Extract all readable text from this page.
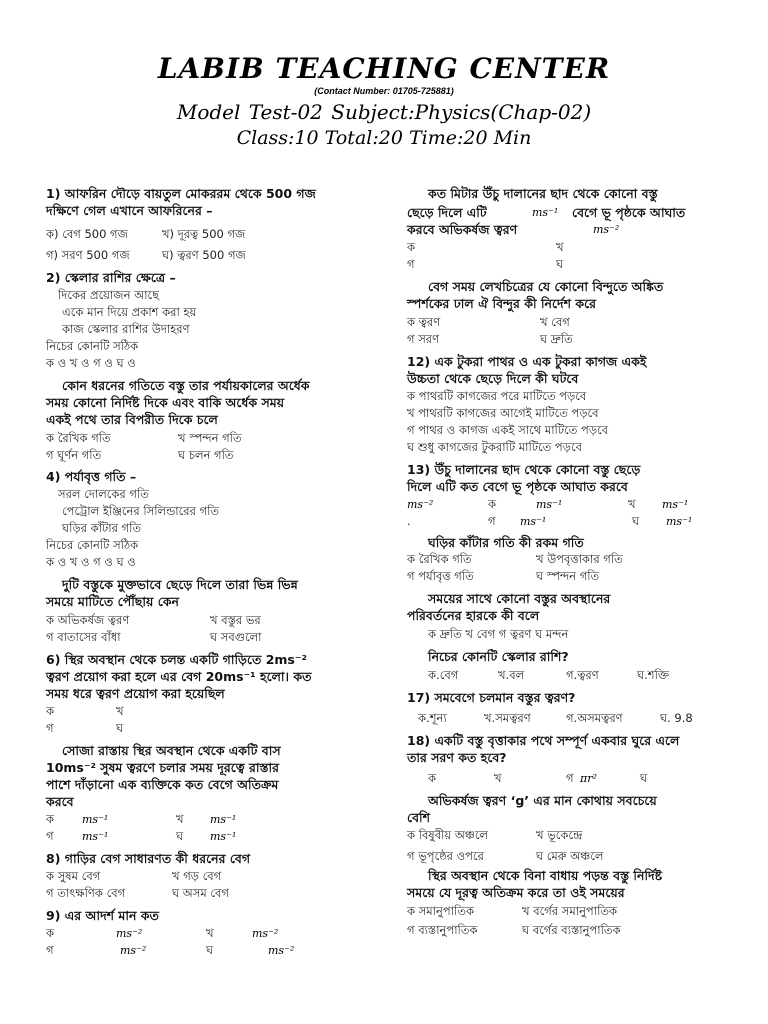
LABIB TEACHING CENTER
(Contact Number: 01705-725881)
Model Test-02 Subject:Physics(Chap-02)
Class:10 Total:20 Time:20 Min
1) আফরিন দৌড়ে বায়তুল মোকররম থেকে 500 গজ
দক্ষিণে গেল এখানে আফরিনের –
ক) বেগ 500 গজ	খ) দূরত্ব 500 গজ
গ) সরণ 500 গজ	ঘ) ত্বরণ 500 গজ
2) স্কেলার রাশির ক্ষেত্রে –
দিকের প্রয়োজন আছে
একে মান দিয়ে প্রকাশ করা হয়
কাজ স্কেলার রাশির উদাহরণ
নিচের কোনটি সঠিক
ক ও খ ও গ ও ঘ ও
কোন ধরনের গতিতে বস্তু তার পর্যায়কালের অর্ধেক
সময় কোনো নির্দিষ্ট দিকে এবং বাকি অর্ধেক সময়
একই পথে তার বিপরীত দিকে চলে
ক রৈখিক গতি	খ স্পন্দন গতি
গ ঘূর্ণন গতি	ঘ চলন গতি
4) পর্যাবৃত্ত গতি –
সরল দোলকের গতি
পেট্রোল ইঞ্জিনের সিলিন্ডারের গতি
ঘড়ির কাঁটার গতি
নিচের কোনটি সঠিক
ক ও খ ও গ ও ঘ ও
দুটি বস্তুকে মুক্তভাবে ছেড়ে দিলে তারা ভিন্ন ভিন্ন
সময়ে মাটিতে পৌঁছায় কেন
ক অভিকর্ষজ ত্বরণ	খ বস্তুর ভর
গ বাতাসের বাঁধা	ঘ সবগুলো
6) স্থির অবস্থান থেকে চলন্ত একটি গাড়িতে 2ms⁻²
ত্বরণ প্রয়োগ করা হলে এর বেগ 20ms⁻¹ হলো। কত
সময় ধরে ত্বরণ প্রয়োগ করা হয়েছিল
ক	খ
গ	ঘ
সোজা রাস্তায় স্থির অবস্থান থেকে একটি বাস
10ms⁻² সুষম ত্বরণে চলার সময় দূরত্বে রাস্তার
পাশে দাঁড়ানো এক ব্যক্তিকে কত বেগে অতিক্রম
করবে
ক	ms⁻¹	খ ms⁻¹
গ	ms⁻¹	ঘ ms⁻¹
8) গাড়ির বেগ সাধারণত কী ধরনের বেগ
ক সুষম বেগ	খ গড় বেগ
গ তাৎক্ষণিক বেগ	ঘ অসম বেগ
9) এর আদর্শ মান কত
ক	ms⁻²	খ	ms⁻²
গ	ms⁻²	ঘ	ms⁻²
কত মিটার উঁচু দালানের ছাদ থেকে কোনো বস্তু
ছেড়ে দিলে এটি	ms⁻¹ বেগে ভূ পৃষ্ঠকে আঘাত
করবে অভিকর্ষজ ত্বরণ	ms⁻²
ক	খ
গ	ঘ
বেগ সময় লেখচিত্রের যে কোনো বিন্দুতে অঙ্কিত
স্পর্শকের ঢাল ঐ বিন্দুর কী নির্দেশ করে
ক ত্বরণ	খ বেগ
গ সরণ	ঘ দ্রুতি
12) এক টুকরা পাথর ও এক টুকরা কাগজ একই
উচ্চতা থেকে ছেড়ে দিলে কী ঘটবে
ক পাথরটি কাগজের পরে মাটিতে পড়বে
খ পাথরটি কাগজের আগেই মাটিতে পড়বে
গ পাথর ও কাগজ একই সাথে মাটিতে পড়বে
ঘ শুধু কাগজের টুকরাটি মাটিতে পড়বে
13) উঁচু দালানের ছাদ থেকে কোনো বস্তু ছেড়ে
দিলে এটি কত বেগে ভূ পৃষ্ঠকে আঘাত করবে
ms⁻²	ক	ms⁻¹	খ ms⁻¹
.	গ ms⁻¹	ঘ ms⁻¹
ঘড়ির কাঁটার গতি কী রকম গতি
ক রৈখিক গতি	খ উপবৃত্তাকার গতি
গ পর্যাবৃত্ত গতি	ঘ স্পন্দন গতি
সময়ের সাথে কোনো বস্তুর অবস্থানের
পরিবর্তনের হারকে কী বলে
ক দ্রুতি খ বেগ গ ত্বরণ ঘ মন্দন
নিচের কোনটি স্কেলার রাশি?
ক.বেগ	খ.বল	গ.ত্বরণ	ঘ.শক্তি
17) সমবেগে চলমান বস্তুর ত্বরণ?
ক.শূন্য	খ.সমত্বরণ	গ.অসমত্বরণ	ঘ. 9.8
18) একটি বস্তু বৃত্তাকার পথে সম্পূর্ণ একবার ঘুরে এলে
তার সরণ কত হবে?
ক	খ	গ πr²	ঘ
অভিকর্ষজ ত্বরণ ‘g’ এর মান কোথায় সবচেয়ে
বেশি
ক বিষুবীয় অঞ্চলে	খ ভূকেন্দ্রে
গ ভূপৃষ্ঠের ওপরে	ঘ মেরু অঞ্চলে
স্থির অবস্থান থেকে বিনা বাধায় পড়ন্ত বস্তু নির্দিষ্ট
সময়ে যে দূরত্ব অতিক্রম করে তা ওই সময়ের
ক সমানুপাতিক	খ বর্গের সমানুপাতিক
গ ব্যস্তানুপাতিক	ঘ বর্গের ব্যস্তানুপাতিক
